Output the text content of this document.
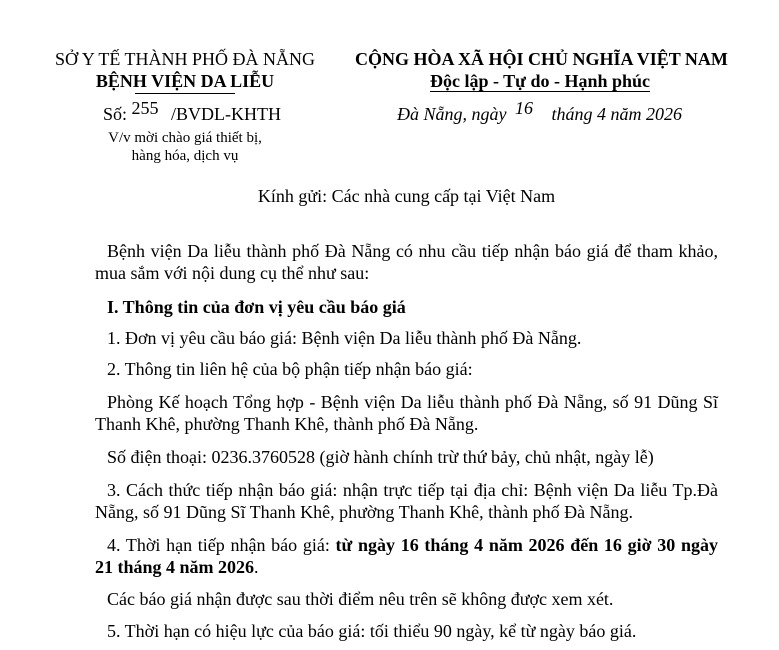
SỞ Y TẾ THÀNH PHỐ ĐÀ NẴNG
BỆNH VIỆN DA LIỄU
Số: 255 /BVDL-KHTH
V/v mời chào giá thiết bị,
hàng hóa, dịch vụ
CỘNG HÒA XÃ HỘI CHỦ NGHĨA VIỆT NAM
Độc lập - Tự do - Hạnh phúc
Đà Nẵng, ngày 16 tháng 4 năm 2026
Kính gửi: Các nhà cung cấp tại Việt Nam
Bệnh viện Da liễu thành phố Đà Nẵng có nhu cầu tiếp nhận báo giá để tham khảo, mua sắm với nội dung cụ thể như sau:
I. Thông tin của đơn vị yêu cầu báo giá
1. Đơn vị yêu cầu báo giá: Bệnh viện Da liễu thành phố Đà Nẵng.
2. Thông tin liên hệ của bộ phận tiếp nhận báo giá:
Phòng Kế hoạch Tổng hợp - Bệnh viện Da liễu thành phố Đà Nẵng, số 91 Dũng Sĩ Thanh Khê, phường Thanh Khê, thành phố Đà Nẵng.
Số điện thoại: 0236.3760528 (giờ hành chính trừ thứ bảy, chủ nhật, ngày lễ)
3. Cách thức tiếp nhận báo giá: nhận trực tiếp tại địa chỉ: Bệnh viện Da liễu Tp.Đà Nẵng, số 91 Dũng Sĩ Thanh Khê, phường Thanh Khê, thành phố Đà Nẵng.
4. Thời hạn tiếp nhận báo giá: từ ngày 16 tháng 4 năm 2026 đến 16 giờ 30 ngày 21 tháng 4 năm 2026.
Các báo giá nhận được sau thời điểm nêu trên sẽ không được xem xét.
5. Thời hạn có hiệu lực của báo giá: tối thiểu 90 ngày, kể từ ngày báo giá.
